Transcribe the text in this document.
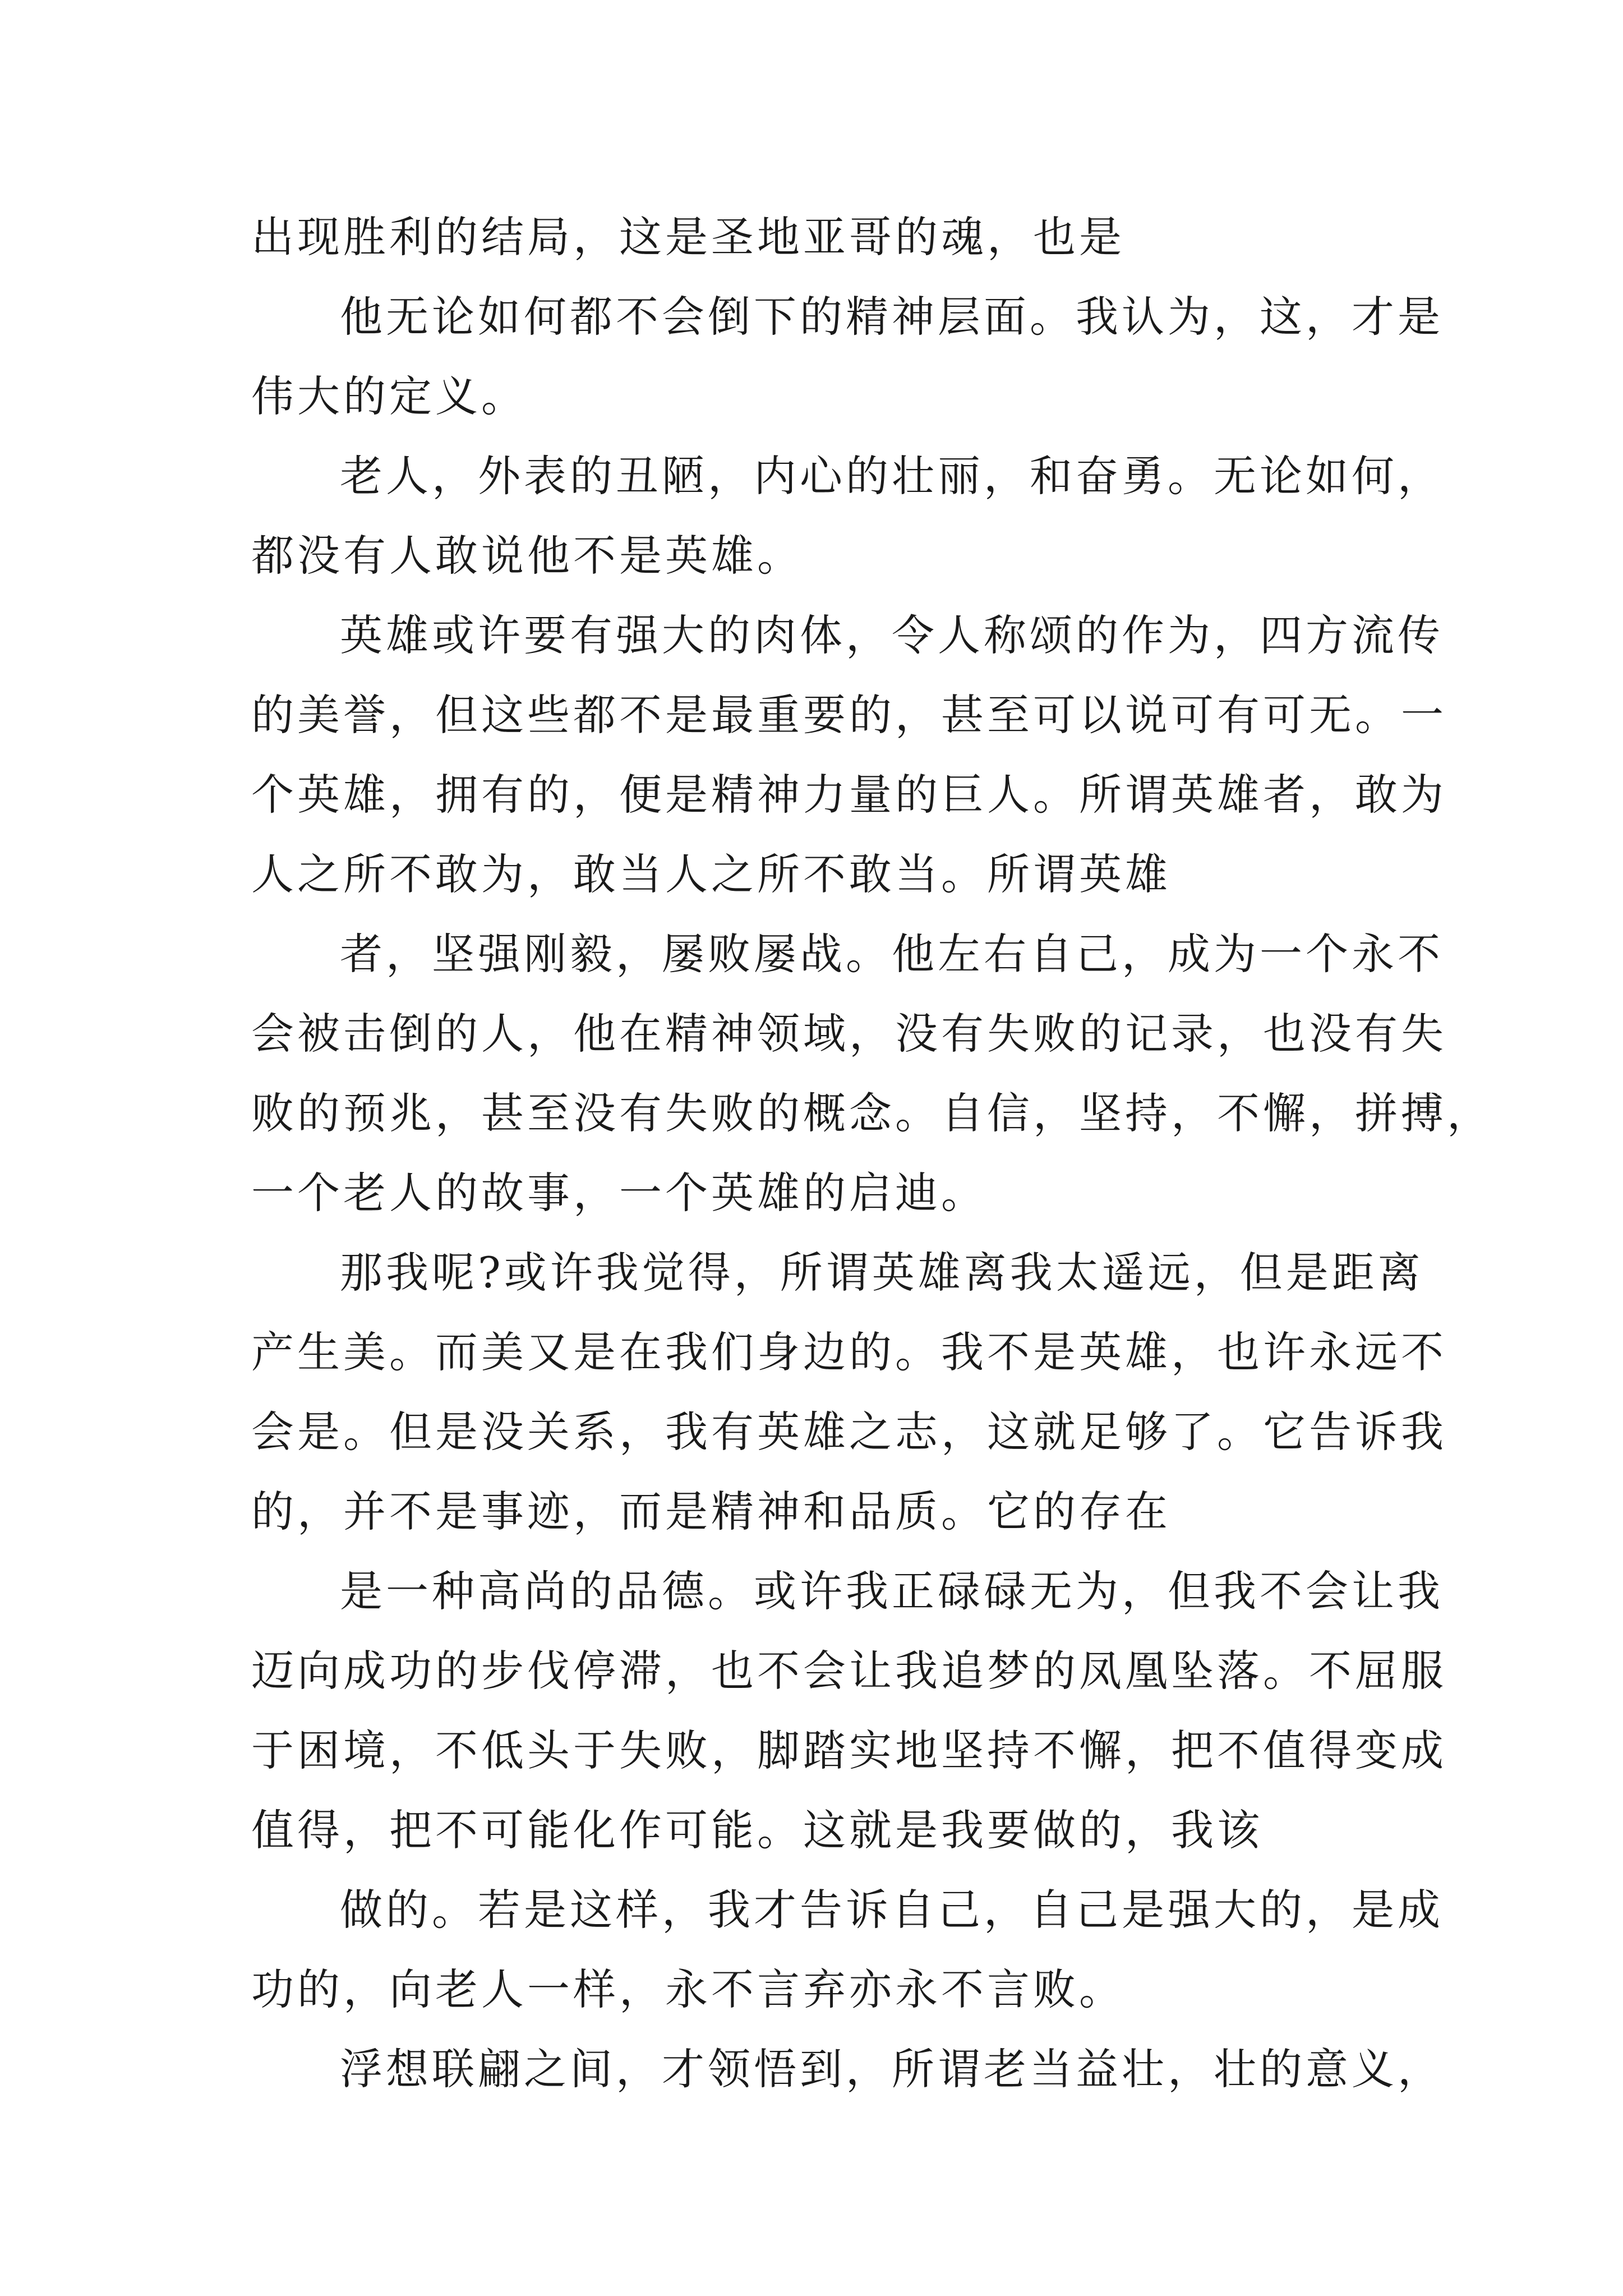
出现胜利的结局，这是圣地亚哥的魂，也是
他无论如何都不会倒下的精神层面。我认为，这，才是
伟大的定义。
老人，外表的丑陋，内心的壮丽，和奋勇。无论如何，
都没有人敢说他不是英雄。
英雄或许要有强大的肉体，令人称颂的作为，四方流传
的美誉，但这些都不是最重要的，甚至可以说可有可无。一
个英雄，拥有的，便是精神力量的巨人。所谓英雄者，敢为
人之所不敢为，敢当人之所不敢当。所谓英雄
者，坚强刚毅，屡败屡战。他左右自己，成为一个永不
会被击倒的人，他在精神领域，没有失败的记录，也没有失
败的预兆，甚至没有失败的概念。自信，坚持，不懈，拼搏，
一个老人的故事，一个英雄的启迪。
那我呢?或许我觉得，所谓英雄离我太遥远，但是距离
产生美。而美又是在我们身边的。我不是英雄，也许永远不
会是。但是没关系，我有英雄之志，这就足够了。它告诉我
的，并不是事迹，而是精神和品质。它的存在
是一种高尚的品德。或许我正碌碌无为，但我不会让我
迈向成功的步伐停滞，也不会让我追梦的凤凰坠落。不屈服
于困境，不低头于失败，脚踏实地坚持不懈，把不值得变成
值得，把不可能化作可能。这就是我要做的，我该
做的。若是这样，我才告诉自己，自己是强大的，是成
功的，向老人一样，永不言弃亦永不言败。
浮想联翩之间，才领悟到，所谓老当益壮，壮的意义，
